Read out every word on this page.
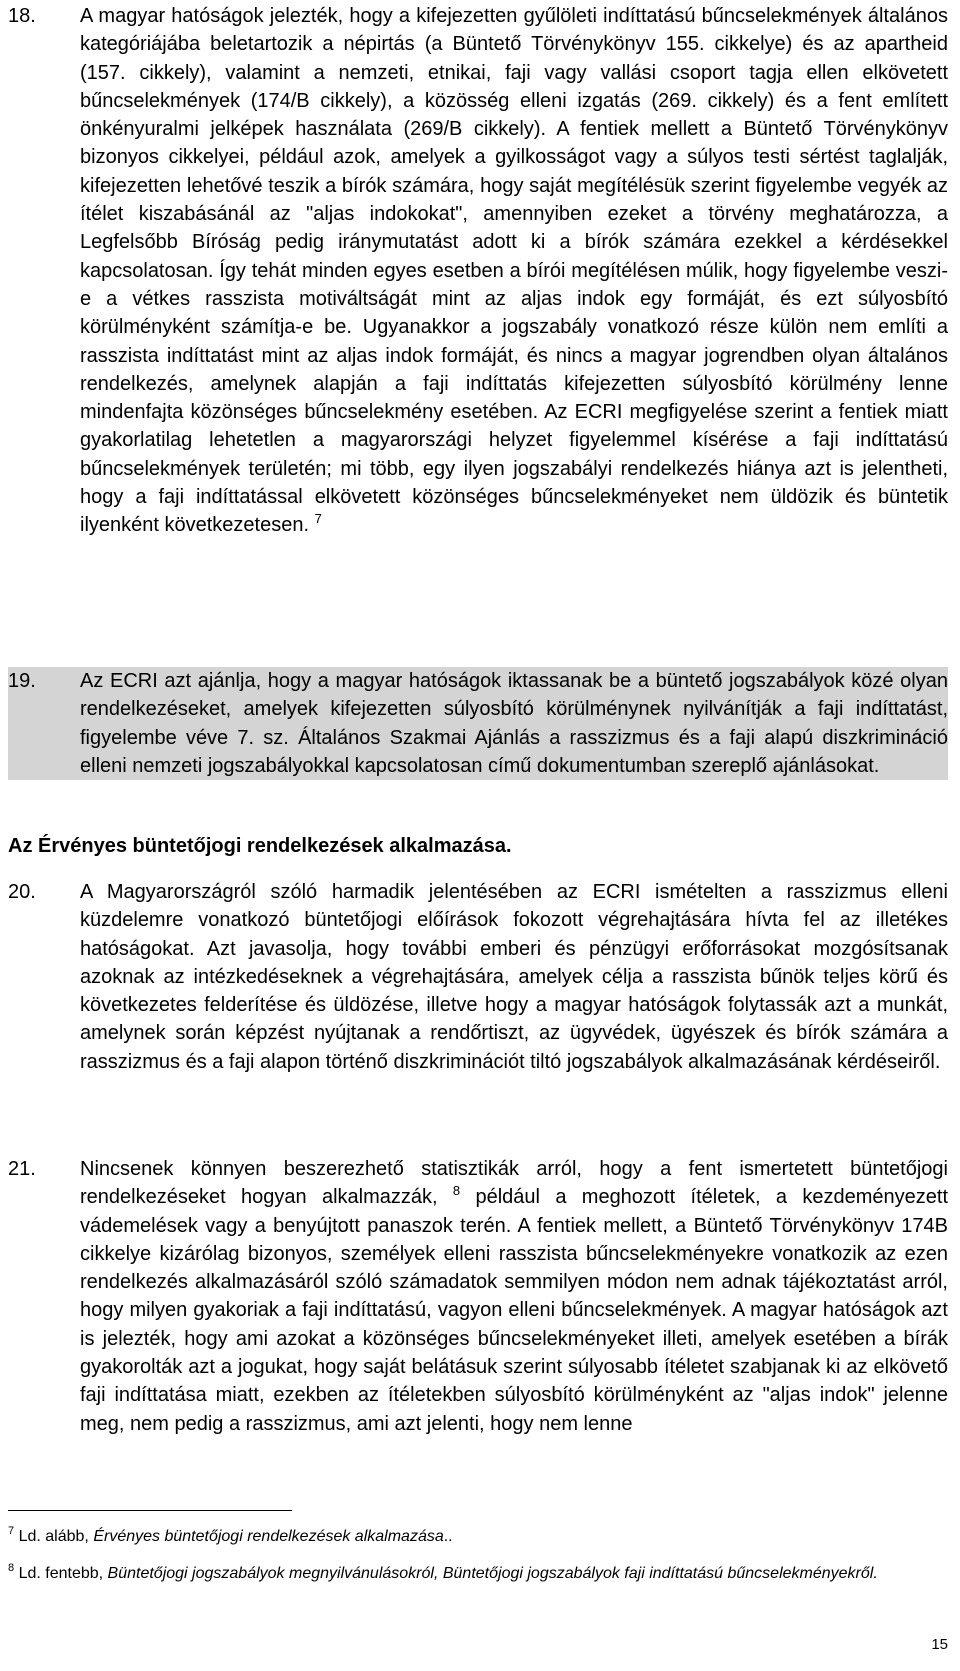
18.	A magyar hatóságok jelezték, hogy a kifejezetten gyűlöleti indíttatású bűncselekmények általános kategóriájába beletartozik a népirtás (a Büntető Törvénykönyv 155. cikkelye) és az apartheid (157. cikkely), valamint a nemzeti, etnikai, faji vagy vallási csoport tagja ellen elkövetett bűncselekmények (174/B cikkely), a közösség elleni izgatás (269. cikkely) és a fent említett önkényuralmi jelképek használata (269/B cikkely). A fentiek mellett a Büntető Törvénykönyv bizonyos cikkelyei, például azok, amelyek a gyilkosságot vagy a súlyos testi sértést taglalják, kifejezetten lehetővé teszik a bírók számára, hogy saját megítélésük szerint figyelembe vegyék az ítélet kiszabásánál az "aljas indokokat", amennyiben ezeket a törvény meghatározza, a Legfelsőbb Bíróság pedig iránymutatást adott ki a bírók számára ezekkel a kérdésekkel kapcsolatosan. Így tehát minden egyes esetben a bírói megítélésen múlik, hogy figyelembe veszi-e a vétkes rasszista motiváltságát mint az aljas indok egy formáját, és ezt súlyosbító körülményként számítja-e be. Ugyanakkor a jogszabály vonatkozó része külön nem említi a rasszista indíttatást mint az aljas indok formáját, és nincs a magyar jogrendben olyan általános rendelkezés, amelynek alapján a faji indíttatás kifejezetten súlyosbító körülmény lenne mindenfajta közönséges bűncselekmény esetében. Az ECRI megfigyelése szerint a fentiek miatt gyakorlatilag lehetetlen a magyarországi helyzet figyelemmel kísérése a faji indíttatású bűncselekmények területén; mi több, egy ilyen jogszabályi rendelkezés hiánya azt is jelentheti, hogy a faji indíttatással elkövetett közönséges bűncselekményeket nem üldözik és büntetik ilyenként következetesen. $^7$
19.	Az ECRI azt ajánlja, hogy a magyar hatóságok iktassanak be a büntető jogszabályok közé olyan rendelkezéseket, amelyek kifejezetten súlyosbító körülménynek nyilvánítják a faji indíttatást, figyelembe véve 7. sz. Általános Szakmai Ajánlás a rasszizmus és a faji alapú diszkrimináció elleni nemzeti jogszabályokkal kapcsolatosan című dokumentumban szereplő ajánlásokat.
Az Érvényes büntetőjogi rendelkezések alkalmazása.
20.	A Magyarországról szóló harmadik jelentésében az ECRI ismételten a rasszizmus elleni küzdelemre vonatkozó büntetőjogi előírások fokozott végrehajtására hívta fel az illetékes hatóságokat. Azt javasolja, hogy további emberi és pénzügyi erőforrásokat mozgósítsanak azoknak az intézkedéseknek a végrehajtására, amelyek célja a rasszista bűnök teljes körű és következetes felderítése és üldözése, illetve hogy a magyar hatóságok folytassák azt a munkát, amelynek során képzést nyújtanak a rendőrtiszt, az ügyvédek, ügyészek és bírók számára a rasszizmus és a faji alapon történő diszkriminációt tiltó jogszabályok alkalmazásának kérdéseiről.
21.	Nincsenek könnyen beszerezhető statisztikák arról, hogy a fent ismertetett büntetőjogi rendelkezéseket hogyan alkalmazzák, $^8$ például a meghozott ítéletek, a kezdeményezett vádemelések vagy a benyújtott panaszok terén. A fentiek mellett, a Büntető Törvénykönyv 174B cikkelye kizárólag bizonyos, személyek elleni rasszista bűncselekményekre vonatkozik az ezen rendelkezés alkalmazásáról szóló számadatok semmilyen módon nem adnak tájékoztatást arról, hogy milyen gyakoriak a faji indíttatású, vagyon elleni bűncselekmények. A magyar hatóságok azt is jelezték, hogy ami azokat a közönséges bűncselekményeket illeti, amelyek esetében a bírák gyakorolták azt a jogukat, hogy saját belátásuk szerint súlyosabb ítéletet szabjanak ki az elkövető faji indíttatása miatt, ezekben az ítéletekben súlyosbító körülményként az "aljas indok" jelenne meg, nem pedig a rasszizmus, ami azt jelenti, hogy nem lenne
$^7$ Ld. alább, Érvényes büntetőjogi rendelkezések alkalmazása..
$^8$ Ld. fentebb, Büntetőjogi jogszabályok megnyilvánulásokról, Büntetőjogi jogszabályok faji indíttatású bűncselekményekről.
15
